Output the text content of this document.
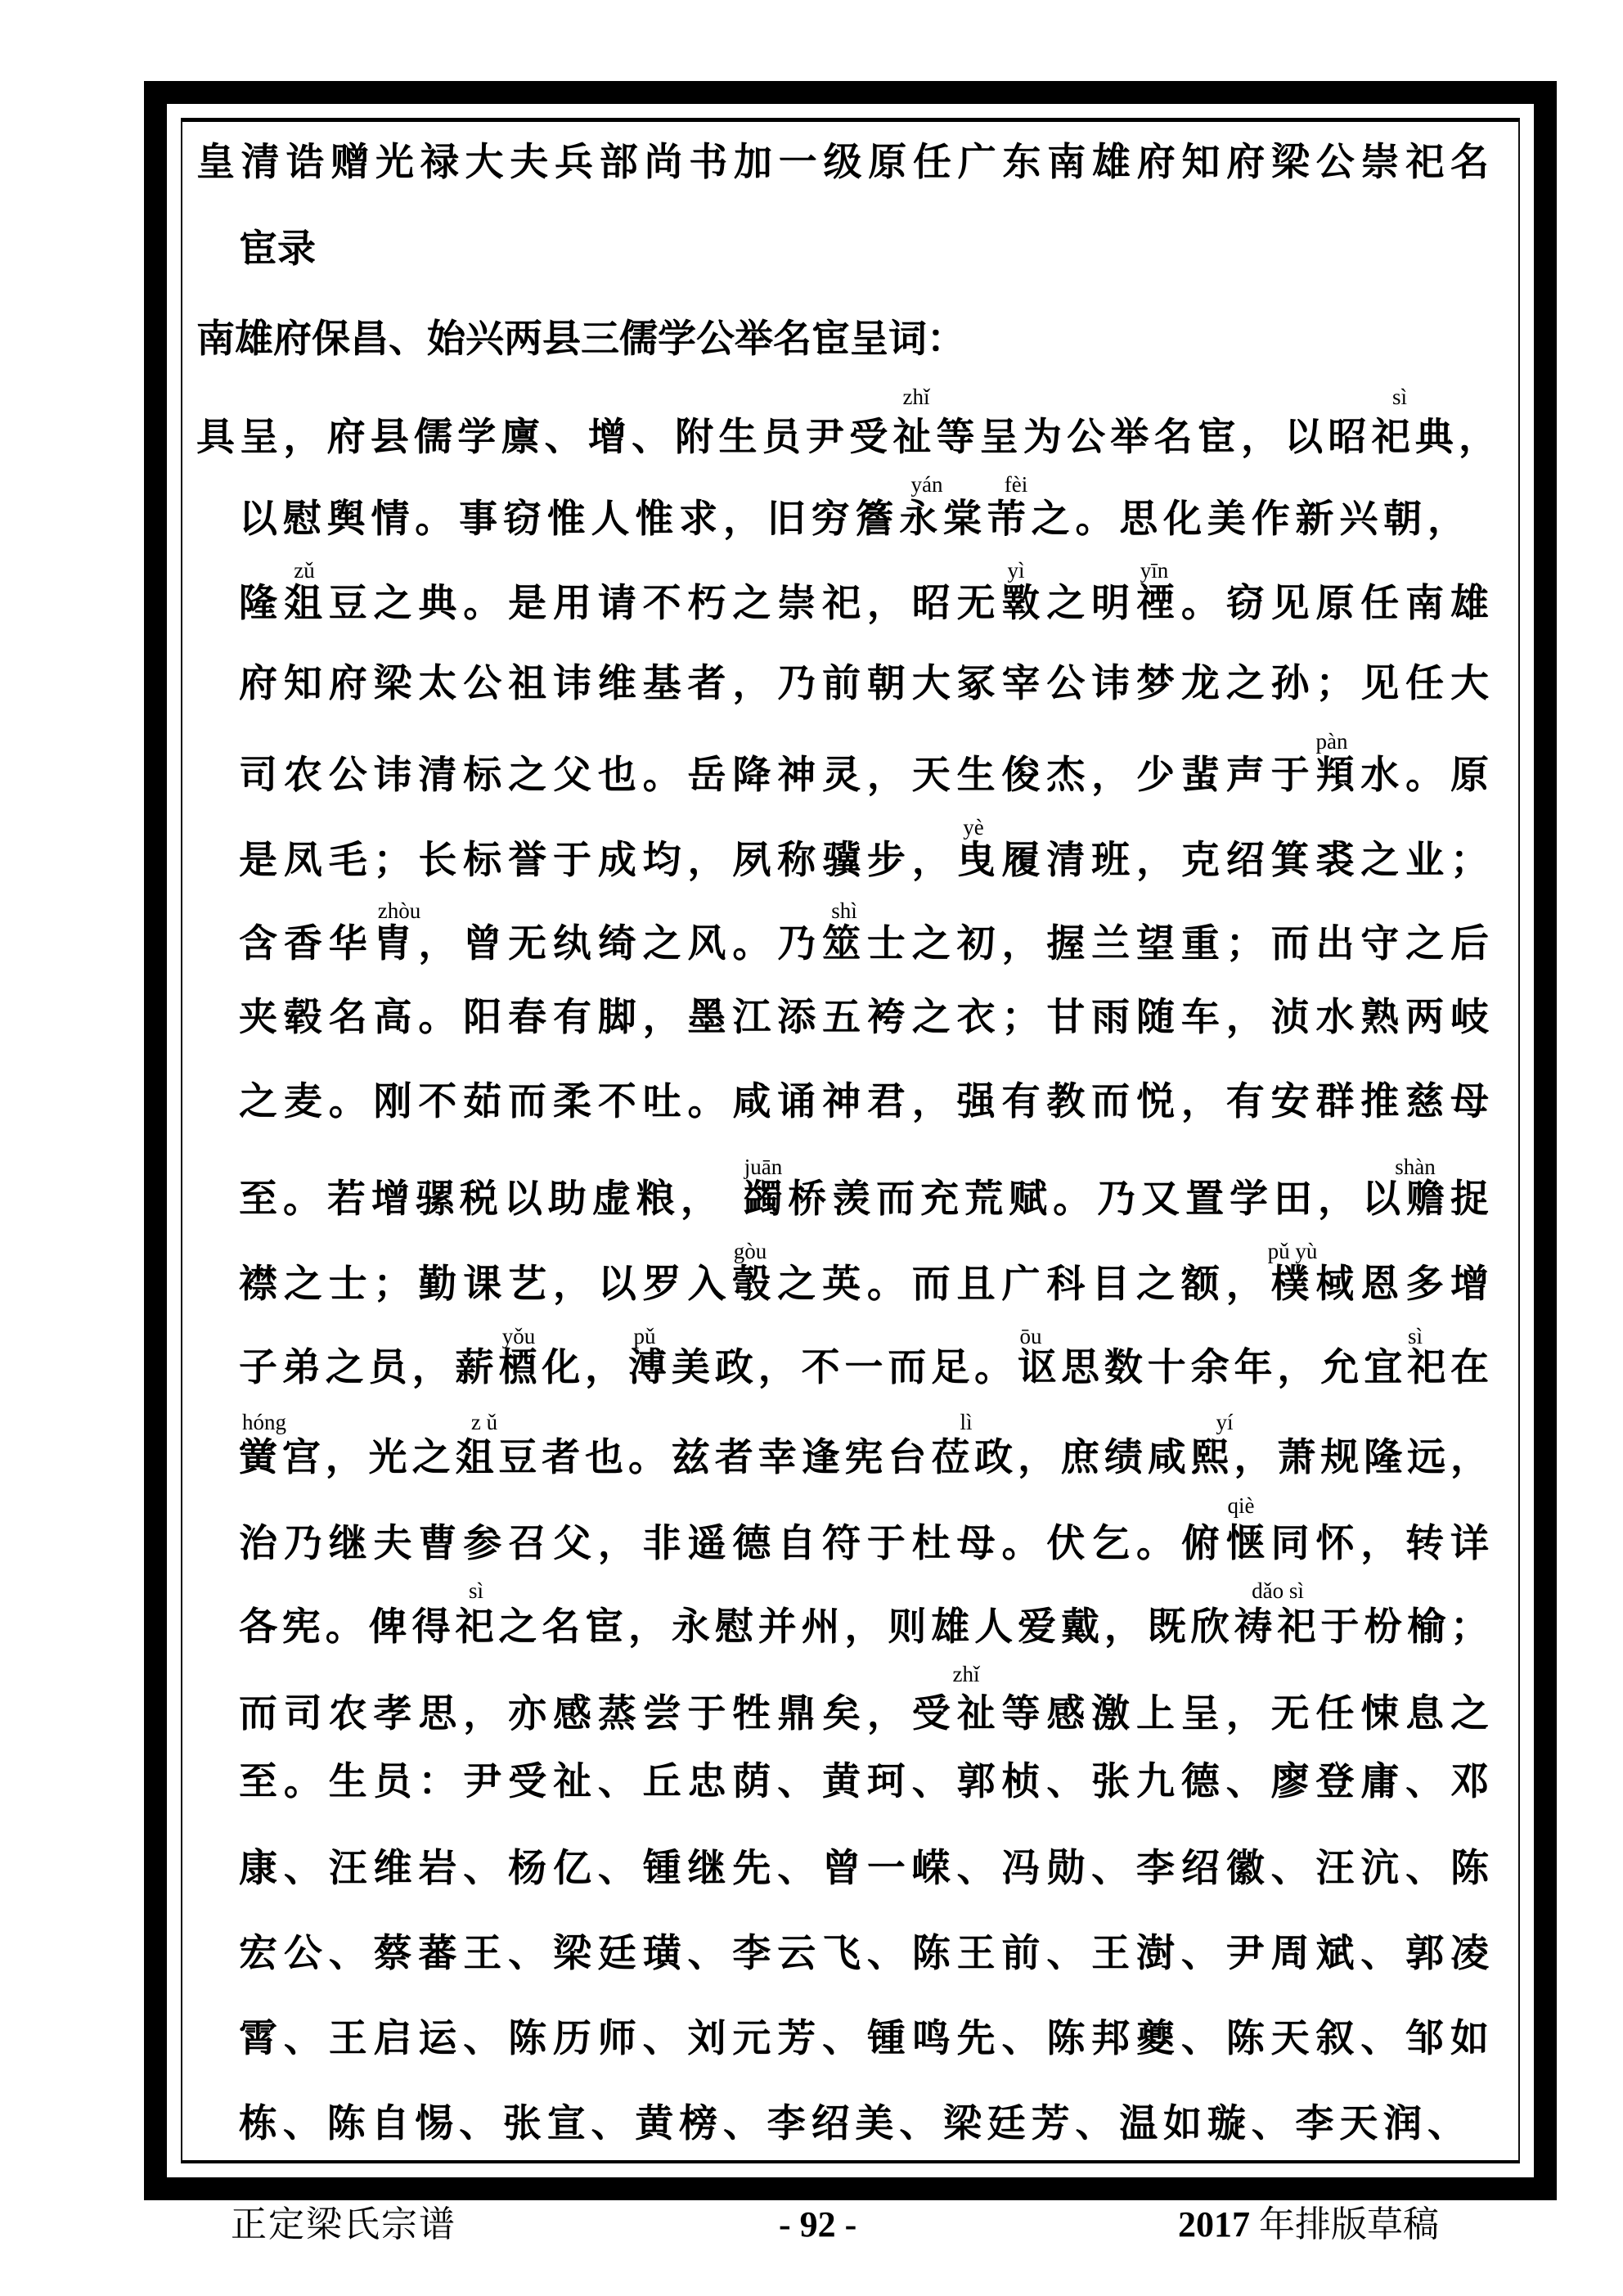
皇清诰赠光禄大夫兵部尚书加一级原任广东南雄府知府梁公崇祀名
宦录
南雄府保昌、始兴两县三儒学公举名宦呈词：
具呈，府县儒学廪、增、附生员尹受祉等呈为公举名宦，以昭祀典，
以慰舆情。事窃惟人惟求，旧穷簷永棠芾之。思化美作新兴朝，
隆爼豆之典。是用请不朽之崇祀，昭无斁之明禋。窃见原任南雄
府知府梁太公祖讳维基者，乃前朝大冢宰公讳梦龙之孙；见任大
司农公讳清标之父也。岳降神灵，天生俊杰，少蜚声于頖水。原
是凤毛；长标誉于成均，夙称骥步，曳履清班，克绍箕裘之业；
含香华胄，曾无纨绮之风。乃筮士之初，握兰望重；而出守之后
夹毂名高。阳春有脚，墨江添五袴之衣；甘雨随车，浈水熟两岐
之麦。刚不茹而柔不吐。咸诵神君，强有教而悦，有安群推慈母
至。若增骡税以助虚粮， 蠲桥羡而充荒赋。乃又置学田，以赡捉
襟之士；勤课艺，以罗入彀之英。而且广科目之额，樸棫恩多增
子弟之员，薪槱化，溥美政，不一而足。讴思数十余年，允宜祀在
黉宫，光之爼豆者也。兹者幸逢宪台莅政，庶绩咸熙，萧规隆远，
治乃继夫曹参召父，非遥德自符于杜母。伏乞。俯惬同怀，转详
各宪。俾得祀之名宦，永慰并州，则雄人爱戴，既欣祷祀于枌榆；
而司农孝思，亦感蒸尝于牲鼎矣，受祉等感激上呈，无任悚息之
至。生员：尹受祉、丘忠荫、黄珂、郭桢、张九德、廖登庸、邓
康、汪维岩、杨亿、锺继先、曾一嵘、冯勋、李绍徽、汪沆、陈
宏公、蔡蕃王、梁廷璜、李云飞、陈王前、王澍、尹周斌、郭凌
霄、王启运、陈历师、刘元芳、锺鸣先、陈邦夔、陈天叙、邹如
栋、陈自惕、张宣、黄榜、李绍美、梁廷芳、温如璇、李天润、
zhǐ	sì
yán	fèi
zǔ	yì	yīn
pàn
yè
zhòu	shì
juān	shàn
gòu	pǔ yù
yǒu	pǔ	ōu	sì
hóng	z ǔ	lì	yí
qiè
sì	dǎo sì
zhǐ
正定梁氏宗谱	- 92 -	2017 年排版草稿
